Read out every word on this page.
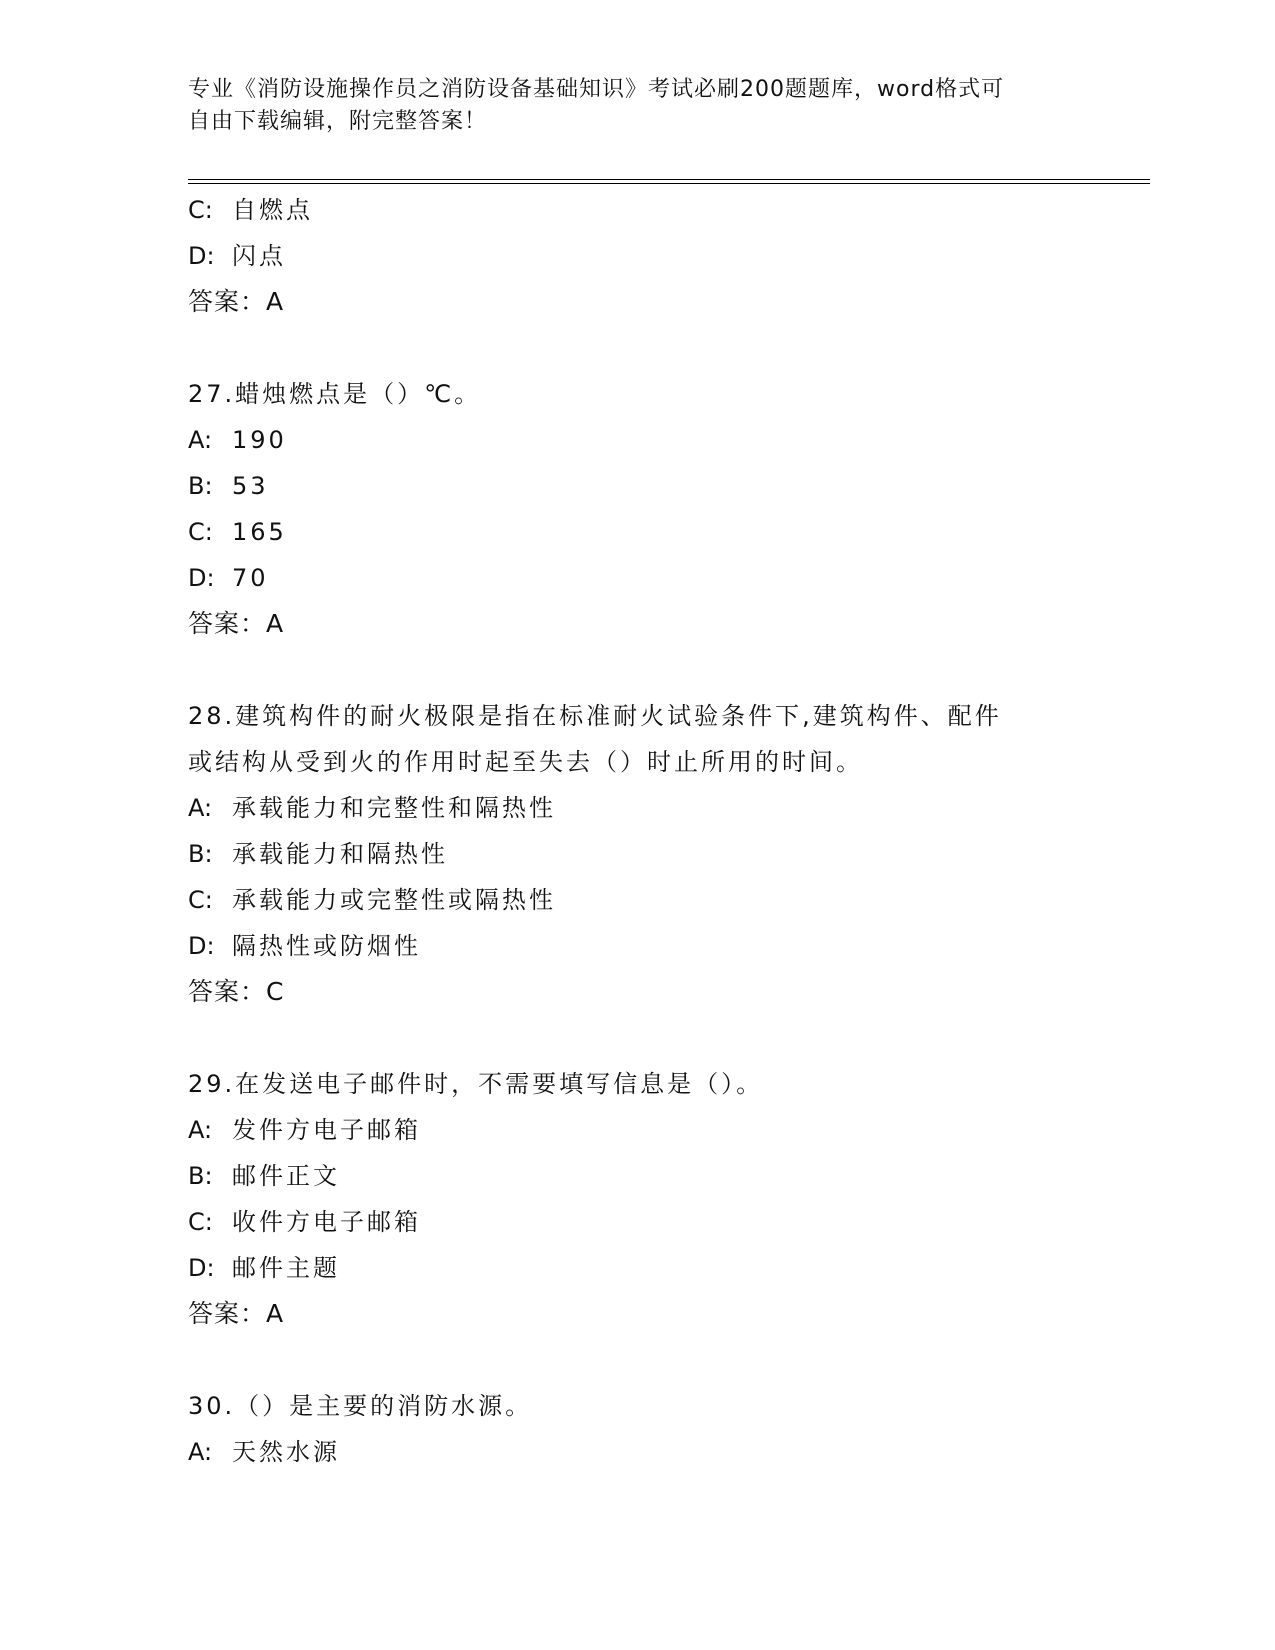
专业《消防设施操作员之消防设备基础知识》考试必刷200题题库，word格式可
自由下载编辑，附完整答案！
C: 自燃点
D: 闪点
答案：A
27.蜡烛燃点是（）℃。
A: 190
B: 53
C: 165
D: 70
答案：A
28.建筑构件的耐火极限是指在标准耐火试验条件下,建筑构件、配件
或结构从受到火的作用时起至失去（）时止所用的时间。
A: 承载能力和完整性和隔热性
B: 承载能力和隔热性
C: 承载能力或完整性或隔热性
D: 隔热性或防烟性
答案：C
29.在发送电子邮件时，不需要填写信息是（）。
A: 发件方电子邮箱
B: 邮件正文
C: 收件方电子邮箱
D: 邮件主题
答案：A
30.（）是主要的消防水源。
A: 天然水源
